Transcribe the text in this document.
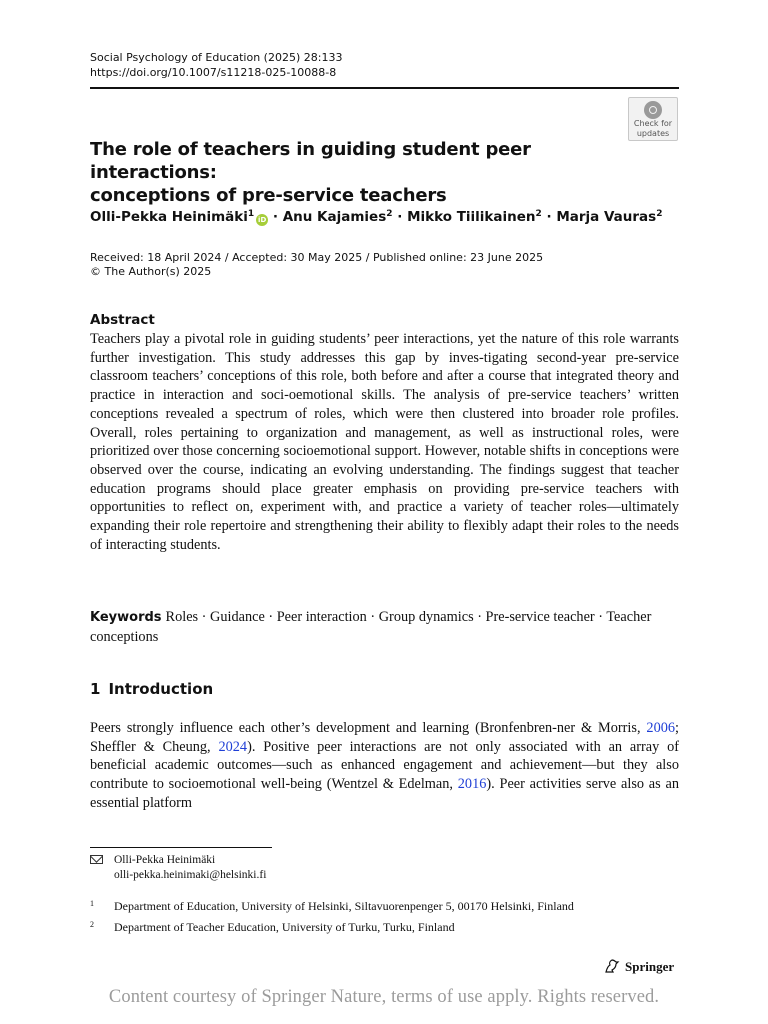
Social Psychology of Education (2025) 28:133
https://doi.org/10.1007/s11218-025-10088-8
Check for
updates
The role of teachers in guiding student peer interactions:
conceptions of pre-service teachers
Olli-Pekka Heinimäki$^1$iD · Anu Kajamies$^2$ · Mikko Tiilikainen$^2$ · Marja Vauras$^2$
Received: 18 April 2024 / Accepted: 30 May 2025 / Published online: 23 June 2025
© The Author(s) 2025
Abstract

Teachers play a pivotal role in guiding students’ peer interactions, yet the nature of this role warrants further investigation. This study addresses this gap by inves-tigating second-year pre-service classroom teachers’ conceptions of this role, both before and after a course that integrated theory and practice in interaction and soci-oemotional skills. The analysis of pre-service teachers’ written conceptions revealed a spectrum of roles, which were then clustered into broader role profiles. Overall, roles pertaining to organization and management, as well as instructional roles, were prioritized over those concerning socioemotional support. However, notable shifts in conceptions were observed over the course, indicating an evolving understanding. The findings suggest that teacher education programs should place greater emphasis on providing pre-service teachers with opportunities to reflect on, experiment with, and practice a variety of teacher roles—ultimately expanding their role repertoire and strengthening their ability to flexibly adapt their roles to the needs of interacting students.

Keywords Roles · Guidance · Peer interaction · Group dynamics · Pre-service teacher · Teacher conceptions

1 Introduction

Peers strongly influence each other’s development and learning (Bronfenbren-ner & Morris, 2006; Sheffler & Cheung, 2024). Positive peer interactions are not only associated with an array of beneficial academic outcomes—such as enhanced engagement and achievement—but they also contribute to socioemotional well-being (Wentzel & Edelman, 2016). Peer activities serve also as an essential platform

Olli-Pekka Heinimäki
olli-pekka.heinimaki@helsinki.fi
1 Department of Education, University of Helsinki, Siltavuorenpenger 5, 00170 Helsinki, Finland
2 Department of Teacher Education, University of Turku, Turku, Finland
Springer
Content courtesy of Springer Nature, terms of use apply. Rights reserved.
